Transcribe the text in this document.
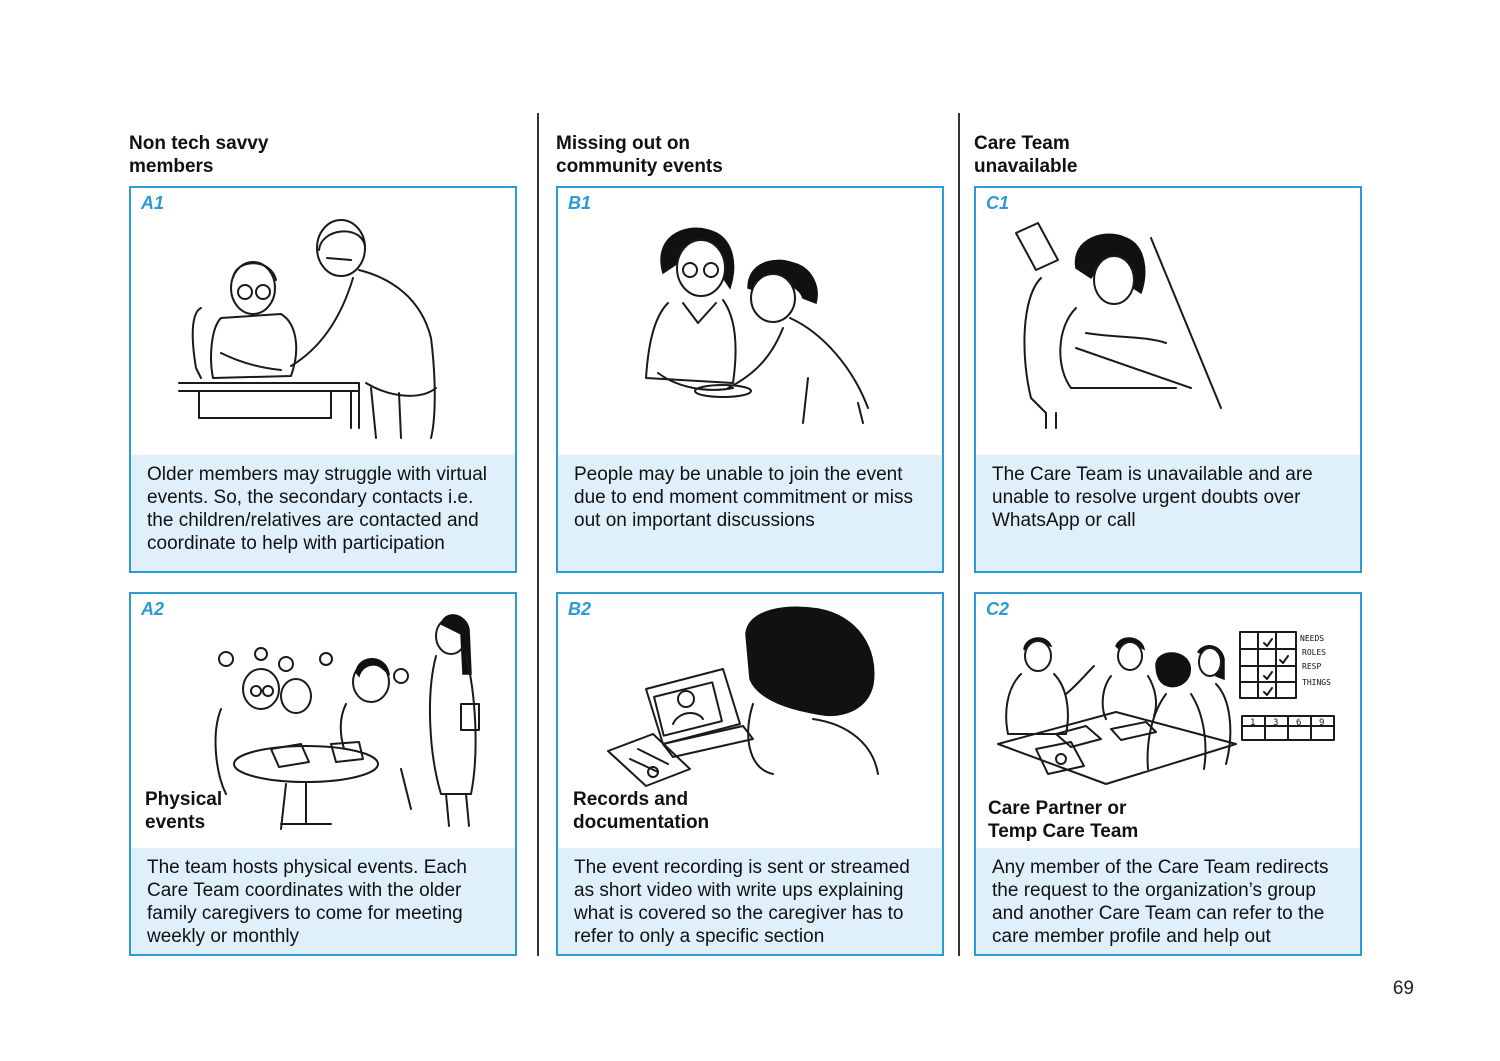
Non tech savvy
members
Missing out on
community events
Care Team
unavailable
A1
Older members may struggle with virtual events. So, the secondary contacts i.e. the children/relatives are contacted and coordinate to help with participation
B1
People may be unable to join the event due to end moment commitment or miss out on important discussions
C1
The Care Team is unavailable and are unable to resolve urgent doubts over WhatsApp or call
A2
Physical
events
The team hosts physical events. Each Care Team coordinates with the older family caregivers to come for meeting weekly or monthly
B2
Records and
documentation
The event recording is sent or streamed as short video with write ups explaining what is covered so the caregiver has to refer to only a specific section
NEEDS
ROLES
RESP
THINGS
1 3 6 9
C2
Care Partner or
Temp Care Team
Any member of the Care Team redirects the request to the organization’s group and another Care Team can refer to the care member profile and help out
69
